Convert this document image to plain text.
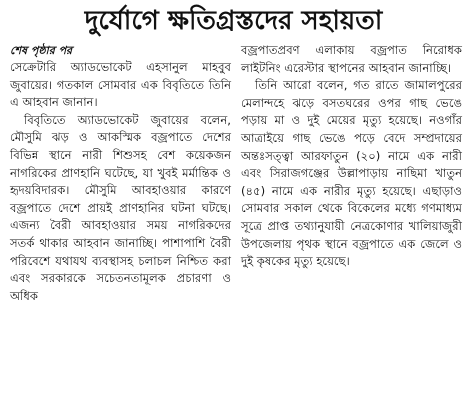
দুর্যোগে ক্ষতিগ্রস্তদের সহায়তা

শেষ পৃষ্ঠার পর

সেক্রেটারি অ্যাডভোকেট এহসানুল মাহবুব জুবায়ের। গতকাল সোমবার এক বিবৃতিতে তিনি এ আহবান জানান।

বিবৃতিতে অ্যাডভোকেট জুবায়ের বলেন, মৌসুমি ঝড় ও আকস্মিক বজ্রপাতে দেশের বিভিন্ন স্থানে নারী শিশুসহ বেশ কয়েকজন নাগরিকের প্রাণহানি ঘটেছে, যা খুবই মর্মান্তিক ও হৃদয়বিদারক। মৌসুমি আবহাওয়ার কারণে বজ্রপাতে দেশে প্রায়ই প্রাণহানির ঘটনা ঘটছে। এজন্য বৈরী আবহাওয়ার সময় নাগরিকদের সতর্ক থাকার আহবান জানাচ্ছি। পাশাপাশি বৈরী পরিবেশে যথাযথ ব্যবস্থাসহ চলাচল নিশ্চিত করা এবং সরকারকে সচেতনতামূলক প্রচারণা ও অধিক

বজ্রপাতপ্রবণ এলাকায় বজ্রপাত নিরোধক লাইটনিং এরেস্টার স্থাপনের আহবান জানাচ্ছি।

তিনি আরো বলেন, গত রাতে জামালপুরের মেলান্দহে ঝড়ে বসতঘরের ওপর গাছ ভেঙে পড়ায় মা ও দুই মেয়ের মৃত্যু হয়েছে। নওগাঁর আত্রাইয়ে গাছ ভেঙে পড়ে বেদে সম্প্রদায়ের অন্তঃসত্ত্বা আরফাতুন (২০) নামে এক নারী এবং সিরাজগঞ্জের উল্লাপাড়ায় নাছিমা খাতুন (৪৫) নামে এক নারীর মৃত্যু হয়েছে। এছাড়াও সোমবার সকাল থেকে বিকেলের মধ্যে গণমাধ্যম সূত্রে প্রাপ্ত তথ্যানুযায়ী নেত্রকোণার খালিয়াজুরী উপজেলায় পৃথক স্থানে বজ্রপাতে এক জেলে ও দুই কৃষকের মৃত্যু হয়েছে।
